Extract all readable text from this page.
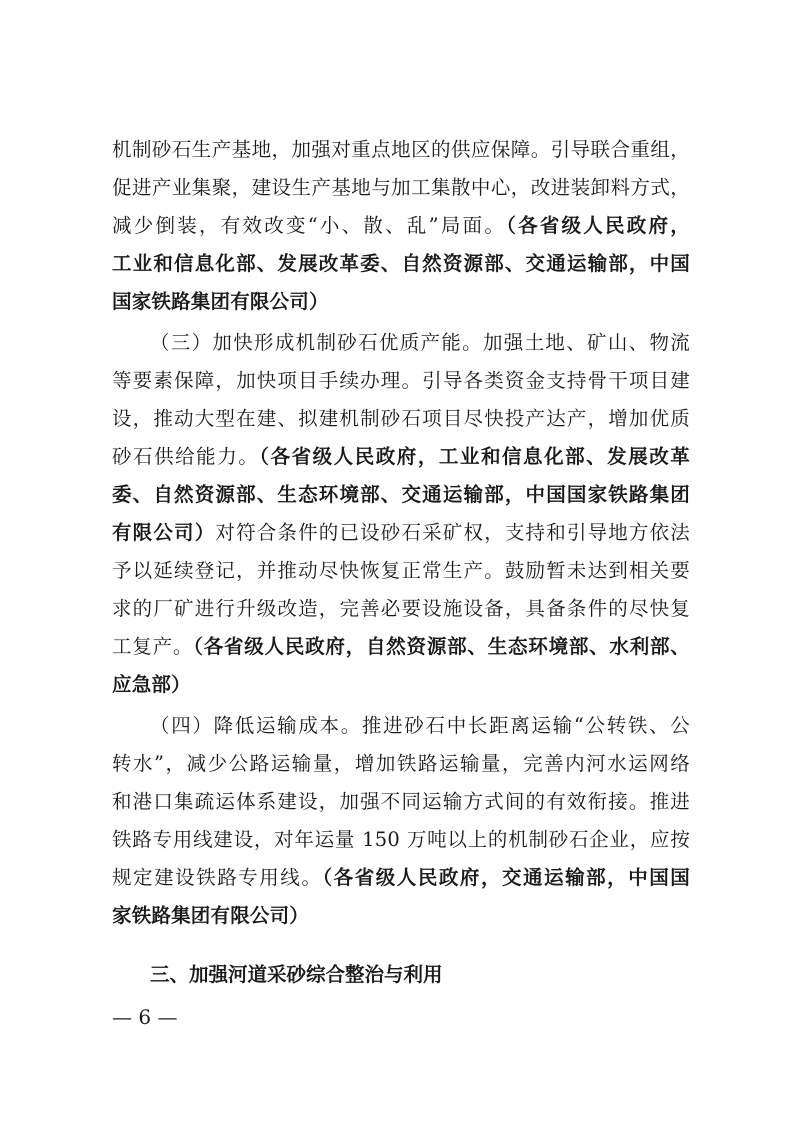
机制砂石生产基地，加强对重点地区的供应保障。引导联合重组，
促进产业集聚，建设生产基地与加工集散中心，改进装卸料方式，
减少倒装，有效改变“小、散、乱”局面。（各省级人民政府，
工业和信息化部、发展改革委、自然资源部、交通运输部，中国
国家铁路集团有限公司）
（三）加快形成机制砂石优质产能。加强土地、矿山、物流
等要素保障，加快项目手续办理。引导各类资金支持骨干项目建
设，推动大型在建、拟建机制砂石项目尽快投产达产，增加优质
砂石供给能力。（各省级人民政府，工业和信息化部、发展改革
委、自然资源部、生态环境部、交通运输部，中国国家铁路集团
有限公司）对符合条件的已设砂石采矿权，支持和引导地方依法
予以延续登记，并推动尽快恢复正常生产。鼓励暂未达到相关要
求的厂矿进行升级改造，完善必要设施设备，具备条件的尽快复
工复产。（各省级人民政府，自然资源部、生态环境部、水利部、
应急部）
（四）降低运输成本。推进砂石中长距离运输“公转铁、公
转水”，减少公路运输量，增加铁路运输量，完善内河水运网络
和港口集疏运体系建设，加强不同运输方式间的有效衔接。推进
铁路专用线建设，对年运量 150 万吨以上的机制砂石企业，应按
规定建设铁路专用线。（各省级人民政府，交通运输部，中国国
家铁路集团有限公司）
三、加强河道采砂综合整治与利用
— 6 —
